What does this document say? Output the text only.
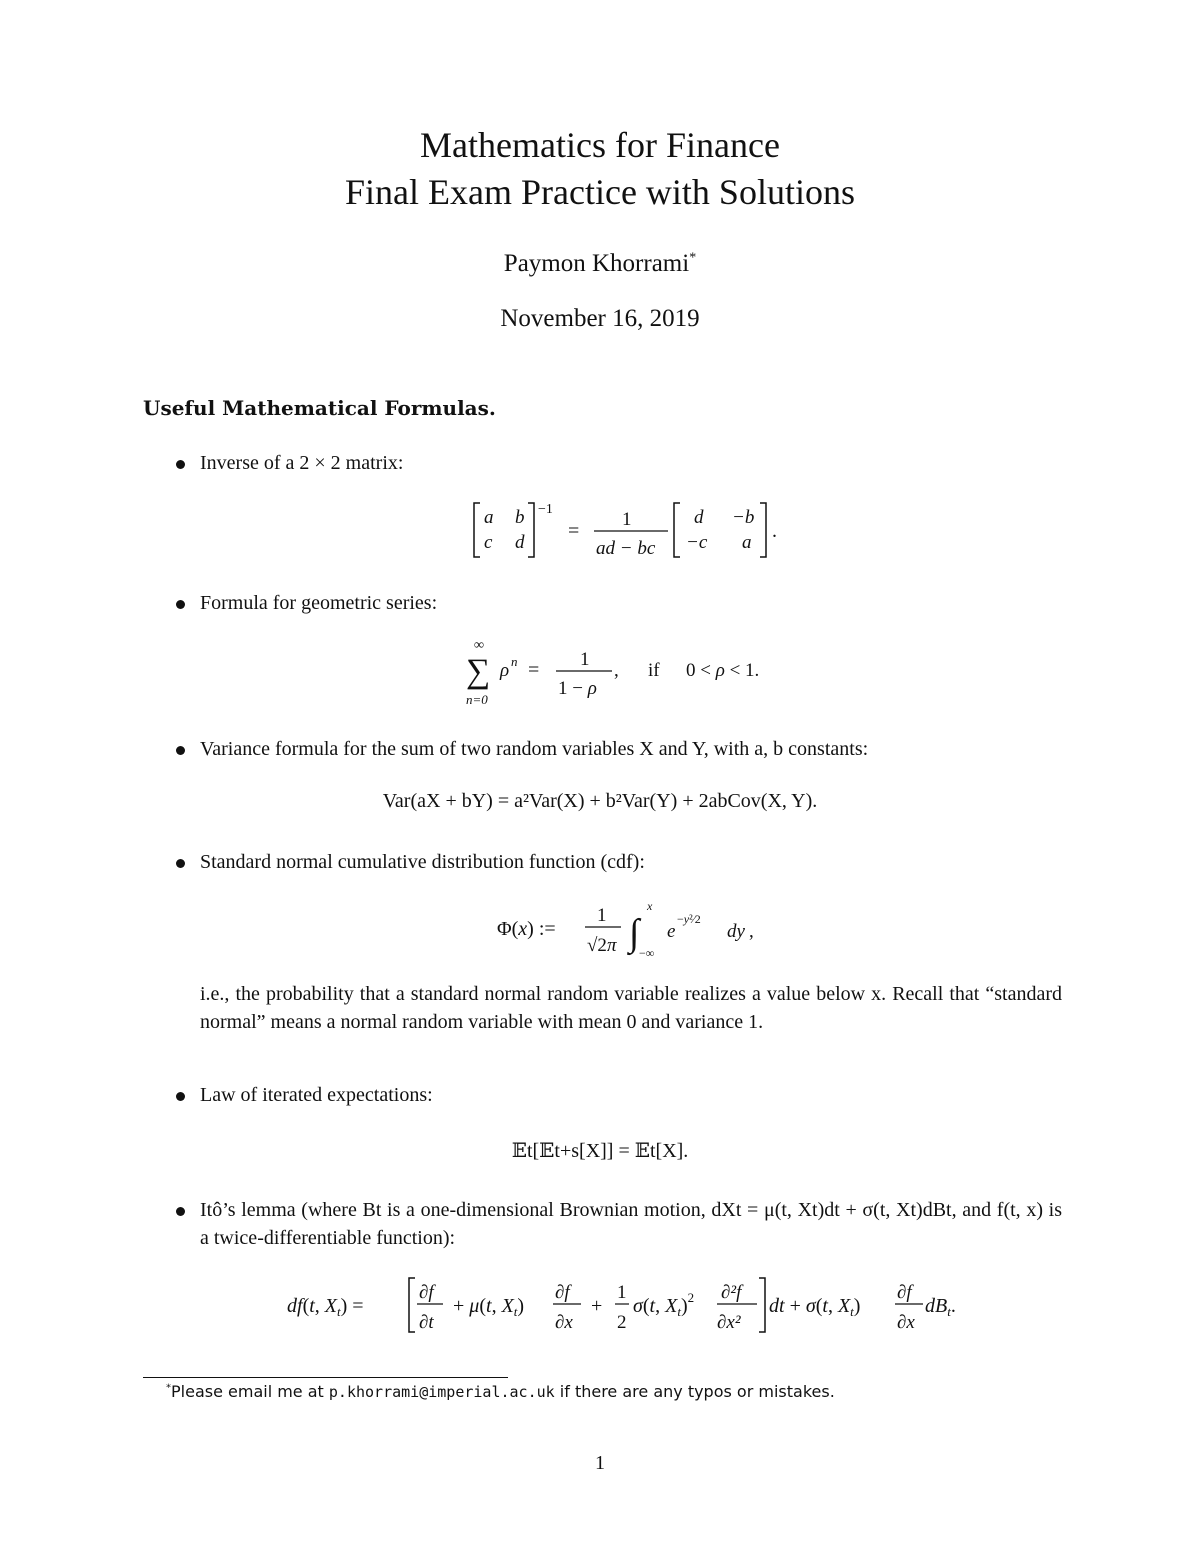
Mathematics for Finance
Final Exam Practice with Solutions
Paymon Khorrami*
November 16, 2019
Useful Mathematical Formulas.
Inverse of a 2 × 2 matrix:
a b
c d
−1
=
1
ad − bc
d −b
−c a
.
Formula for geometric series:
∞
∑
n=0
ρ n = 1
1 − ρ
, if 0 < ρ < 1.
Variance formula for the sum of two random variables X and Y, with a, b constants:
Var(aX + bY) = a²Var(X) + b²Var(Y) + 2abCov(X, Y).
Standard normal cumulative distribution function (cdf):
Φ(x) :=
1
√2π ∫
x
−∞
e
−y²⁄2
dy ,
i.e., the probability that a standard normal random variable realizes a value below x. Recall that “standard normal” means a normal random variable with mean 0 and variance 1.
Law of iterated expectations:
𝔼t[𝔼t+s[X]] = 𝔼t[X].
Itô’s lemma (where Bt is a one-dimensional Brownian motion, dXt = μ(t, Xt)dt + σ(t, Xt)dBt, and f(t, x) is a twice-differentiable function):
df(t, $X_t$) =
∂f
∂t
+ μ(t, $X_t$)
∂f
∂x
+
1
2
σ(t, $X_t)^2$ ∂²f
∂x²
dt + σ(t, $X_t$)
∂f
∂x
$dB_t$.
*Please email me at p.khorrami@imperial.ac.uk if there are any typos or mistakes.
1
